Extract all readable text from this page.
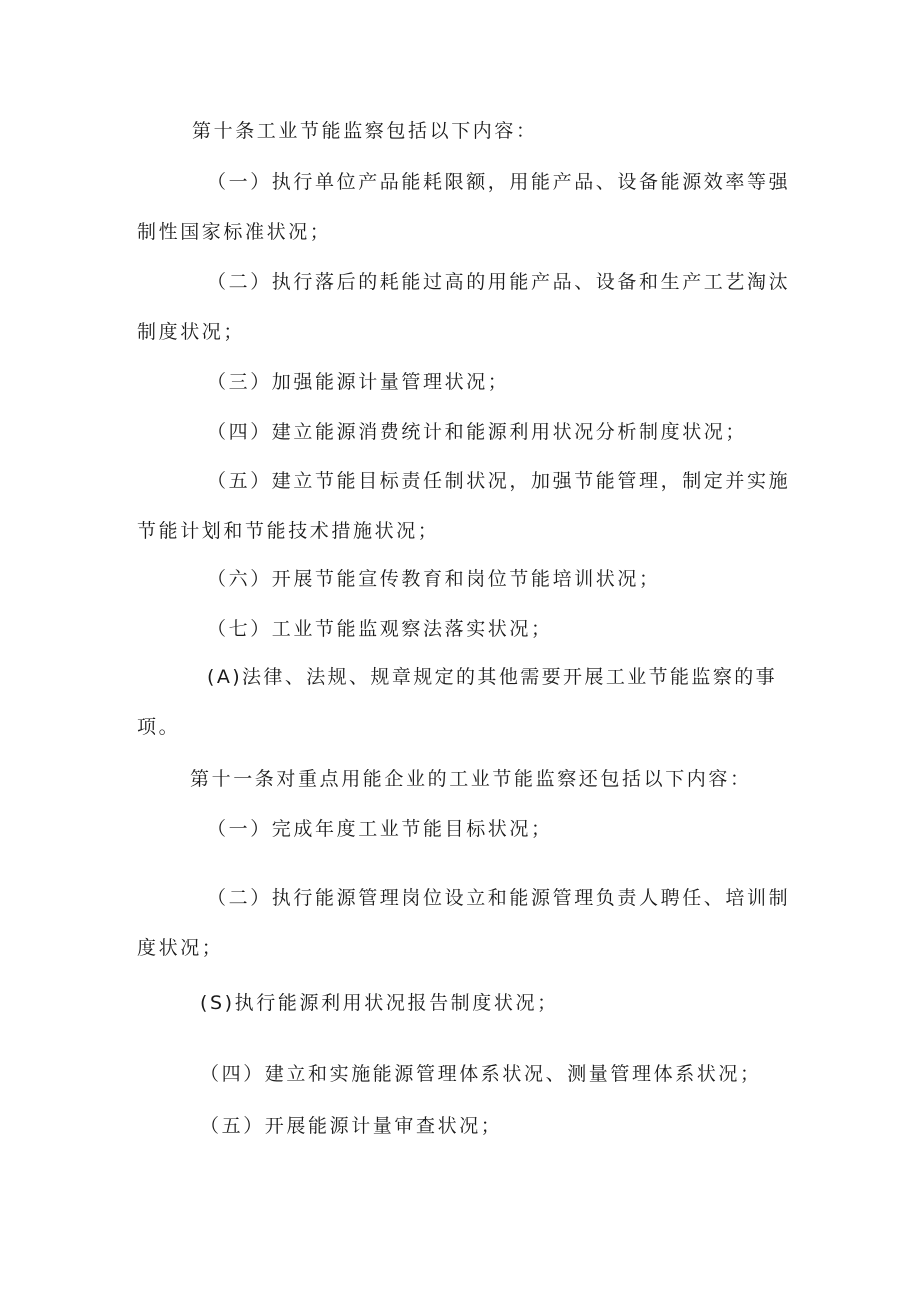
第十条工业节能监察包括以下内容：
（一）执行单位产品能耗限额，用能产品、设备能源效率等强
制性国家标准状况；
（二）执行落后的耗能过高的用能产品、设备和生产工艺淘汰
制度状况；
（三）加强能源计量管理状况；
（四）建立能源消费统计和能源利用状况分析制度状况；
（五）建立节能目标责任制状况，加强节能管理，制定并实施
节能计划和节能技术措施状况；
（六）开展节能宣传教育和岗位节能培训状况；
（七）工业节能监观察法落实状况；
(A)法律、法规、规章规定的其他需要开展工业节能监察的事
项。
第十一条对重点用能企业的工业节能监察还包括以下内容：
（一）完成年度工业节能目标状况；
（二）执行能源管理岗位设立和能源管理负责人聘任、培训制
度状况；
(S)执行能源利用状况报告制度状况；
（四）建立和实施能源管理体系状况、测量管理体系状况；
（五）开展能源计量审查状况；
